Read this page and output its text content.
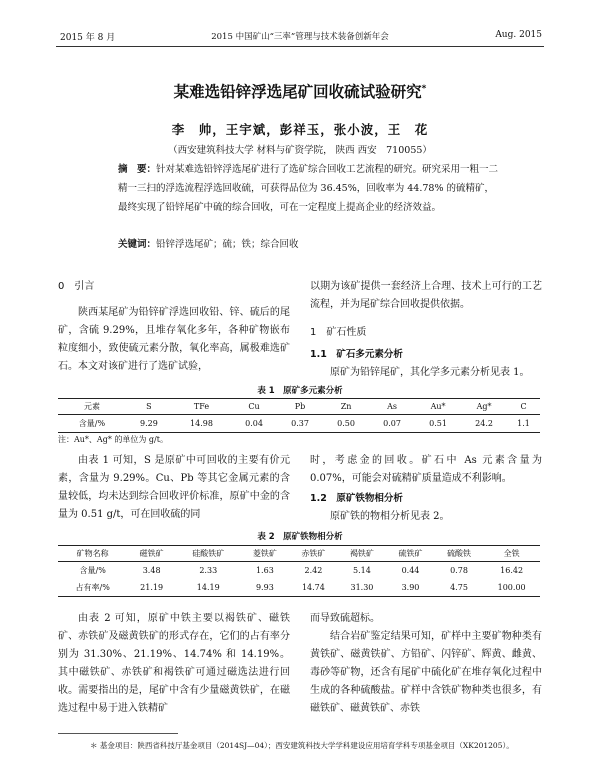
2015 年 8 月	2015 中国矿山“三率”管理与技术装备创新年会	Aug. 2015
某难选铅锌浮选尾矿回收硫试验研究*
李　帅，王宇斌，彭祥玉，张小波，王　花
（西安建筑科技大学 材料与矿资学院， 陕西 西安　710055）
摘　要：针对某难选铅锌浮选尾矿进行了选矿综合回收工艺流程的研究。研究采用一粗一二精一三扫的浮选流程浮选回收硫，可获得品位为 36.45%，回收率为 44.78% 的硫精矿，最终实现了铅锌尾矿中硫的综合回收，可在一定程度上提高企业的经济效益。
关键词：铅锌浮选尾矿；硫；铁；综合回收
0　引言
陕西某尾矿为铅锌矿浮选回收铅、锌、硫后的尾矿，含硫 9.29%，且堆存氧化多年，各种矿物嵌布粒度细小，致使硫元素分散，氧化率高，属极难选矿石。本文对该矿进行了选矿试验，
以期为该矿提供一套经济上合理、技术上可行的工艺流程，并为尾矿综合回收提供依据。
1　矿石性质
1.1　矿石多元素分析
原矿为铅锌尾矿，其化学多元素分析见表 1。
表 1　原矿多元素分析
元素	S	TFe	Cu	Pb	Zn	As	Au*	Ag*	C
含量/%	9.29	14.98	0.04	0.37	0.50	0.07	0.51	24.2	1.1
注：Au*、Ag* 的单位为 g/t。
由表 1 可知，S 是原矿中可回收的主要有价元素，含量为 9.29%。Cu、Pb 等其它金属元素的含量较低，均未达到综合回收评价标准，原矿中金的含量为 0.51 g/t，可在回收硫的同
时，考虑金的回收。矿石中 As 元素含量为 0.07%，可能会对硫精矿质量造成不利影响。
1.2　原矿铁物相分析
原矿铁的物相分析见表 2。
表 2　原矿铁物相分析
矿物名称	磁铁矿	硅酸铁矿	菱铁矿	赤铁矿	褐铁矿	硫铁矿	硫酸铁	全铁
含量/%	3.48	2.33	1.63	2.42	5.14	0.44	0.78	16.42
占有率/%	21.19	14.19	9.93	14.74	31.30	3.90	4.75	100.00
由表 2 可知，原矿中铁主要以褐铁矿、磁铁矿、赤铁矿及磁黄铁矿的形式存在，它们的占有率分别为 31.30%、21.19%、14.74% 和 14.19%。其中磁铁矿、赤铁矿和褐铁矿可通过磁选法进行回收。需要指出的是，尾矿中含有少量磁黄铁矿，在磁选过程中易于进入铁精矿
而导致硫超标。
结合岩矿鉴定结果可知，矿样中主要矿物种类有黄铁矿、磁黄铁矿、方铅矿、闪锌矿、辉黄、雌黄、毒砂等矿物，还含有尾矿中硫化矿在堆存氧化过程中生成的各种硫酸盐。矿样中含铁矿物种类也很多，有磁铁矿、磁黄铁矿、赤铁
＊ 基金项目：陕西省科技厅基金项目（2014SJ—04）；西安建筑科技大学学科建设应用培育学科专项基金项目（XK201205）。
